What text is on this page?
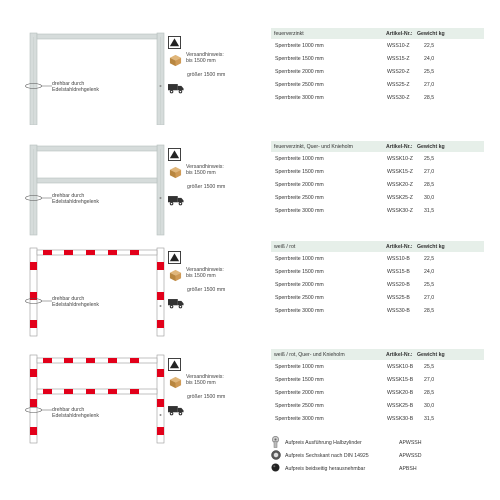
drehbar durch
Edelstahldrehgelenk
Versandhinweis: bis 1500 mm
größer 1500 mm
feuerverzinkt	Artikel-Nr.: Gewicht kg
Sperrbreite 1000 mm	WSS10-Z	22,5
Sperrbreite 1500 mm	WSS15-Z	24,0
Sperrbreite 2000 mm	WSS20-Z	25,5
Sperrbreite 2500 mm	WSS25-Z	27,0
Sperrbreite 3000 mm	WSS30-Z	28,5
drehbar durch
Edelstahldrehgelenk
Versandhinweis: bis 1500 mm
größer 1500 mm
feuerverzinkt, Quer- und Knieholm	Artikel-Nr.: Gewicht kg
Sperrbreite 1000 mm	WSSK10-Z	25,5
Sperrbreite 1500 mm	WSSK15-Z	27,0
Sperrbreite 2000 mm	WSSK20-Z	28,5
Sperrbreite 2500 mm	WSSK25-Z	30,0
Sperrbreite 3000 mm	WSSK30-Z	31,5
drehbar durch
Edelstahldrehgelenk
Versandhinweis: bis 1500 mm
größer 1500 mm
weiß / rot	Artikel-Nr.: Gewicht kg
Sperrbreite 1000 mm	WSS10-B	22,5
Sperrbreite 1500 mm	WSS15-B	24,0
Sperrbreite 2000 mm	WSS20-B	25,5
Sperrbreite 2500 mm	WSS25-B	27,0
Sperrbreite 3000 mm	WSS30-B	28,5
drehbar durch
Edelstahldrehgelenk
Versandhinweis: bis 1500 mm
größer 1500 mm
weiß / rot, Quer- und Knieholm	Artikel-Nr.: Gewicht kg
Sperrbreite 1000 mm	WSSK10-B	25,5
Sperrbreite 1500 mm	WSSK15-B	27,0
Sperrbreite 2000 mm	WSSK20-B	28,5
Sperrbreite 2500 mm	WSSK25-B	30,0
Sperrbreite 3000 mm	WSSK30-B	31,5
Aufpreis Ausführung Halbzylinder	APWSSH
Aufpreis Sechskant nach DIN 14925	APWSSD
Aufpreis beidseitig herausnehmbar	APBSH
